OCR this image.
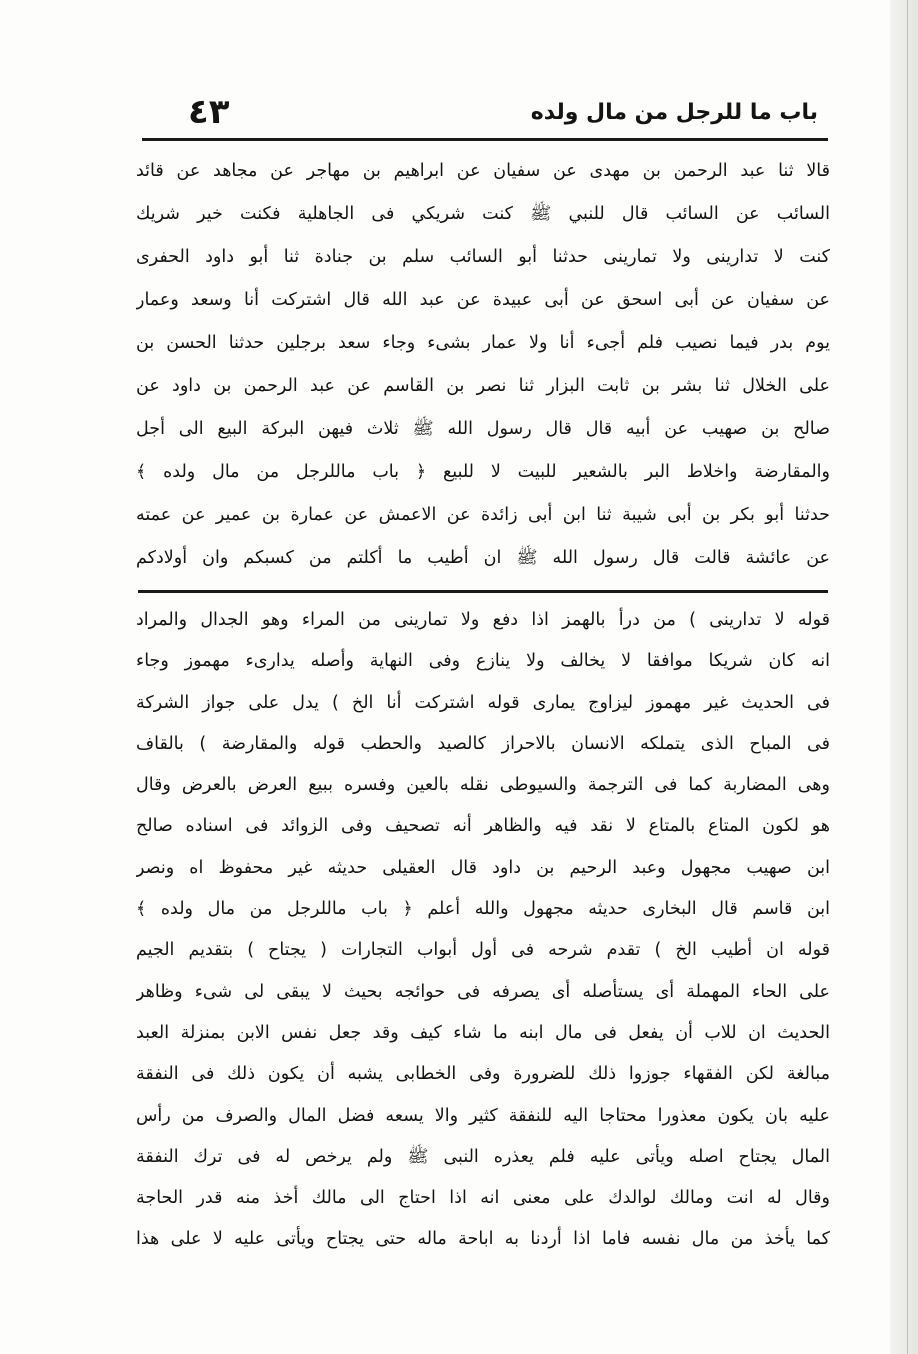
باب ما للرجل من مال ولده
٤٣
قالا ثنا عبد الرحمن بن مهدى عن سفيان عن ابراهيم بن مهاجر عن مجاهد عن قائد
السائب عن السائب قال للنبي ﷺ كنت شريكي فى الجاهلية فكنت خير شريك
كنت لا تدارينى ولا تمارينى حدثنا أبو السائب سلم بن جنادة ثنا أبو داود الحفرى
عن سفيان عن أبى اسحق عن أبى عبيدة عن عبد الله قال اشتركت أنا وسعد وعمار
يوم بدر فيما نصيب فلم أجىء أنا ولا عمار بشىء وجاء سعد برجلين حدثنا الحسن بن
على الخلال ثنا بشر بن ثابت البزار ثنا نصر بن القاسم عن عبد الرحمن بن داود عن
صالح بن صهيب عن أبيه قال قال رسول الله ﷺ ثلاث فيهن البركة البيع الى أجل
والمقارضة واخلاط البر بالشعير للبيت لا للبيع ﴿ باب ماللرجل من مال ولده ﴾
حدثنا أبو بكر بن أبى شيبة ثنا ابن أبى زائدة عن الاعمش عن عمارة بن عمير عن عمته
عن عائشة قالت قال رسول الله ﷺ ان أطيب ما أكلتم من كسبكم وان أولادكم
قوله لا تدارينى ) من درأ بالهمز اذا دفع ولا تمارينى من المراء وهو الجدال والمراد
انه كان شريكا موافقا لا يخالف ولا ينازع وفى النهاية وأصله يدارىء مهموز وجاء
فى الحديث غير مهموز ليزاوج يمارى قوله اشتركت أنا الخ ) يدل على جواز الشركة
فى المباح الذى يتملكه الانسان بالاحراز كالصيد والحطب قوله والمقارضة ) بالقاف
وهى المضاربة كما فى الترجمة والسيوطى نقله بالعين وفسره ببيع العرض بالعرض وقال
هو لكون المتاع بالمتاع لا نقد فيه والظاهر أنه تصحيف وفى الزوائد فى اسناده صالح
ابن صهيب مجهول وعبد الرحيم بن داود قال العقيلى حديثه غير محفوظ اه ونصر
ابن قاسم قال البخارى حديثه مجهول والله أعلم ﴿ باب ماللرجل من مال ولده ﴾
قوله ان أطيب الخ ) تقدم شرحه فى أول أبواب التجارات ( يجتاح ) بتقديم الجيم
على الحاء المهملة أى يستأصله أى يصرفه فى حوائجه بحيث لا يبقى لى شىء وظاهر
الحديث ان للاب أن يفعل فى مال ابنه ما شاء كيف وقد جعل نفس الابن بمنزلة العبد
مبالغة لكن الفقهاء جوزوا ذلك للضرورة وفى الخطابى يشبه أن يكون ذلك فى النفقة
عليه بان يكون معذورا محتاجا اليه للنفقة كثير والا يسعه فضل المال والصرف من رأس
المال يجتاح اصله ويأتى عليه فلم يعذره النبى ﷺ ولم يرخص له فى ترك النفقة
وقال له انت ومالك لوالدك على معنى انه اذا احتاج الى مالك أخذ منه قدر الحاجة
كما يأخذ من مال نفسه فاما اذا أردنا به اباحة ماله حتى يجتاح ويأتى عليه لا على هذا
